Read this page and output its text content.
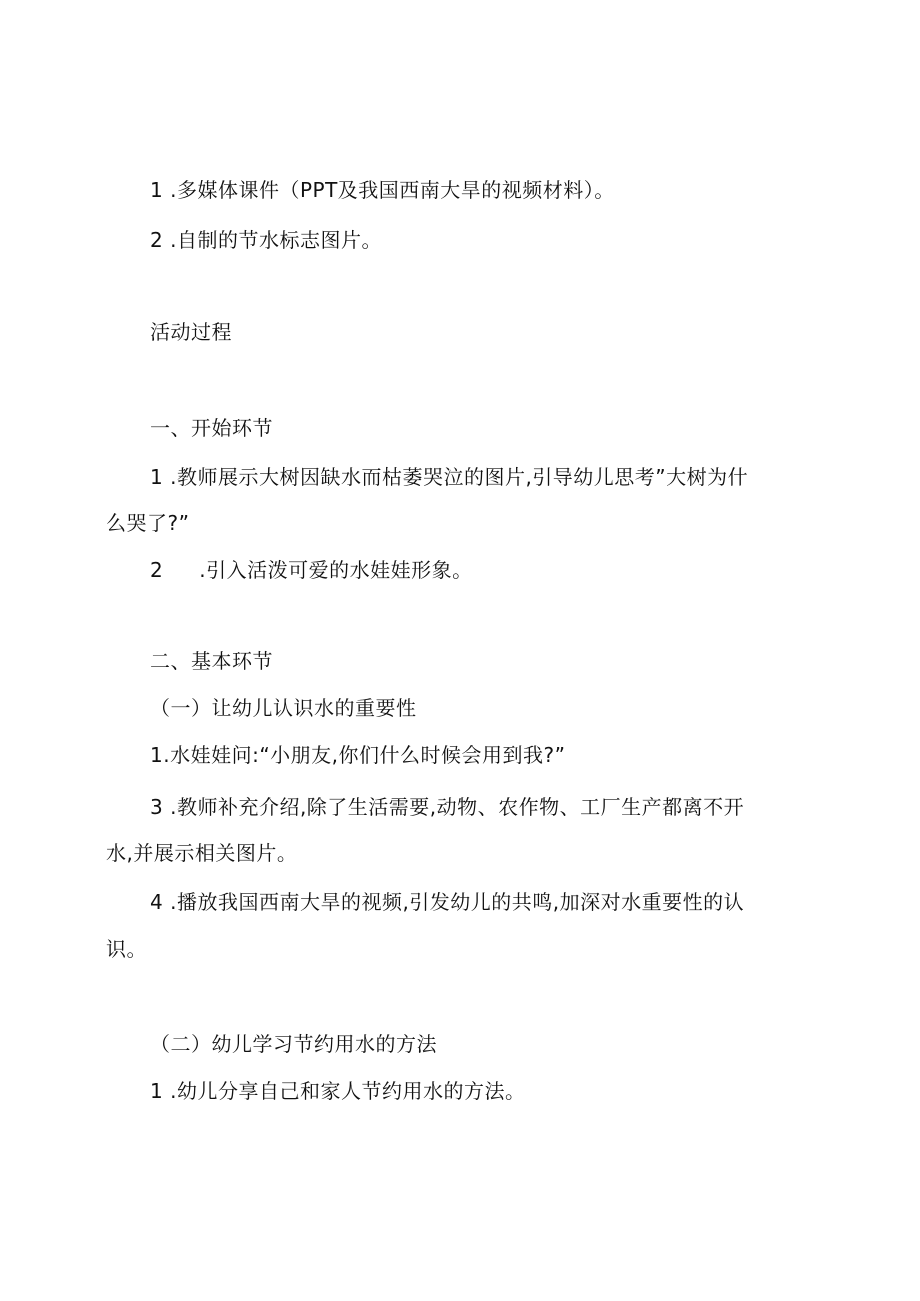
1 .多媒体课件（PPT及我国西南大旱的视频材料）。

2 .自制的节水标志图片。

活动过程

一、开始环节

1 .教师展示大树因缺水而枯萎哭泣的图片,引导幼儿思考”大树为什

么哭了?”

2 .引入活泼可爱的水娃娃形象。

二、基本环节

（一）让幼儿认识水的重要性

1.水娃娃问:“小朋友,你们什么时候会用到我?”

3 .教师补充介绍,除了生活需要,动物、农作物、工厂生产都离不开

水,并展示相关图片。

4 .播放我国西南大旱的视频,引发幼儿的共鸣,加深对水重要性的认

识。

（二）幼儿学习节约用水的方法

1 .幼儿分享自己和家人节约用水的方法。
